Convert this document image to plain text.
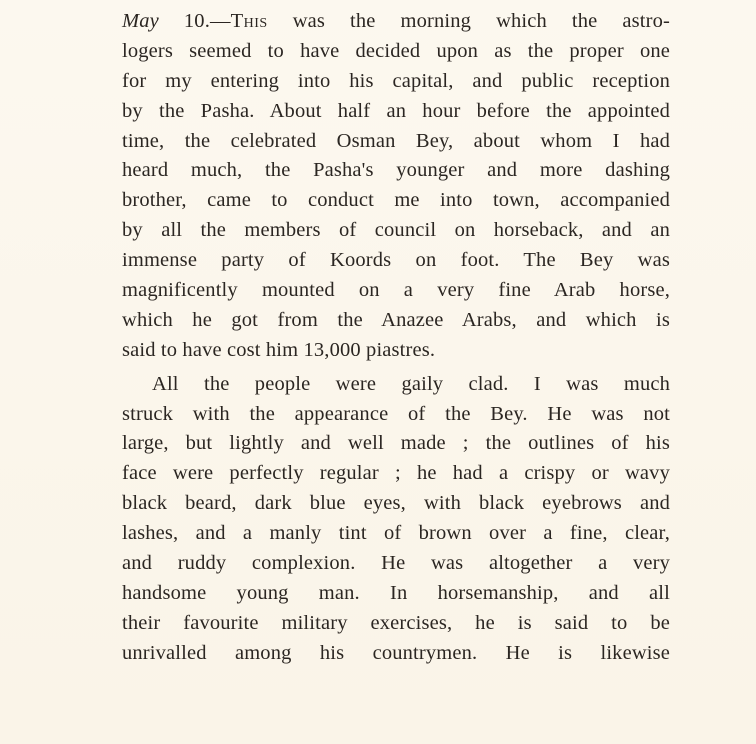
May 10.—This was the morning which the astro-
logers seemed to have decided upon as the proper one
for my entering into his capital, and public reception
by the Pasha. About half an hour before the appointed
time, the celebrated Osman Bey, about whom I had
heard much, the Pasha's younger and more dashing
brother, came to conduct me into town, accompanied
by all the members of council on horseback, and an
immense party of Koords on foot. The Bey was
magnificently mounted on a very fine Arab horse,
which he got from the Anazee Arabs, and which is
said to have cost him 13,000 piastres.
All the people were gaily clad. I was much
struck with the appearance of the Bey. He was not
large, but lightly and well made ; the outlines of his
face were perfectly regular ; he had a crispy or wavy
black beard, dark blue eyes, with black eyebrows and
lashes, and a manly tint of brown over a fine, clear,
and ruddy complexion. He was altogether a very
handsome young man. In horsemanship, and all
their favourite military exercises, he is said to be
unrivalled among his countrymen. He is likewise
